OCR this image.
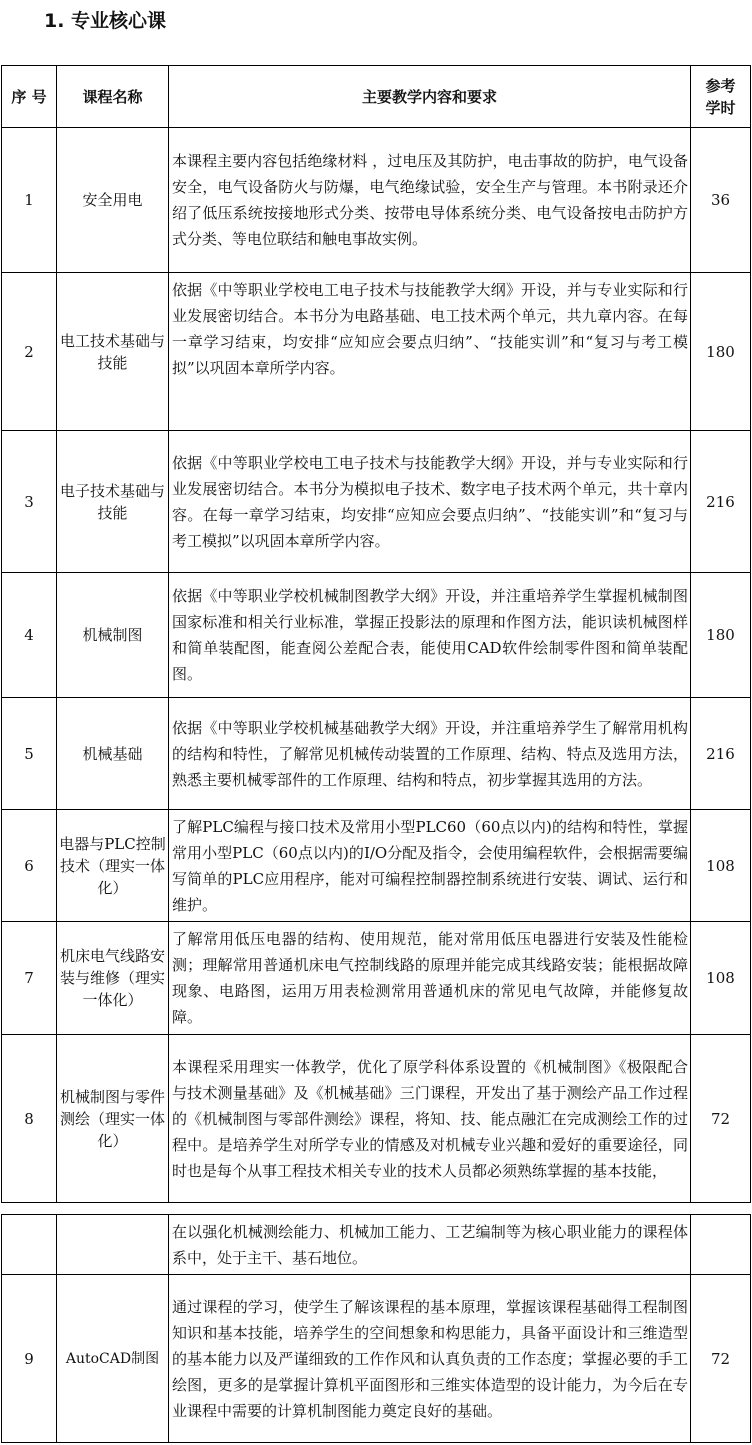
1. 专业核心课
序 号	课程名称	主要教学内容和要求	参考学时
1	安全用电	本课程主要内容包括绝缘材料 ，过电压及其防护，电击事故的防护，电气设备安全，电气设备防火与防爆，电气绝缘试验，安全生产与管理。本书附录还介绍了低压系统按接地形式分类、按带电导体系统分类、电气设备按电击防护方式分类、等电位联结和触电事故实例。	36
2	电工技术基础与技能	依据《中等职业学校电工电子技术与技能教学大纲》开设，并与专业实际和行业发展密切结合。本书分为电路基础、电工技术两个单元，共九章内容。在每一章学习结束，均安排“应知应会要点归纳”、“技能实训”和“复习与考工模拟”以巩固本章所学内容。	180
3	电子技术基础与技能	依据《中等职业学校电工电子技术与技能教学大纲》开设，并与专业实际和行业发展密切结合。本书分为模拟电子技术、数字电子技术两个单元，共十章内容。在每一章学习结束，均安排“应知应会要点归纳”、“技能实训”和“复习与考工模拟”以巩固本章所学内容。	216
4	机械制图	依据《中等职业学校机械制图教学大纲》开设，并注重培养学生掌握机械制图国家标准和相关行业标准，掌握正投影法的原理和作图方法，能识读机械图样和简单装配图，能查阅公差配合表，能使用CAD软件绘制零件图和简单装配图。	180
5	机械基础	依据《中等职业学校机械基础教学大纲》开设，并注重培养学生了解常用机构的结构和特性，了解常见机械传动装置的工作原理、结构、特点及选用方法，熟悉主要机械零部件的工作原理、结构和特点，初步掌握其选用的方法。	216
6	电器与PLC控制技术（理实一体化）	了解PLC编程与接口技术及常用小型PLC60（60点以内)的结构和特性，掌握常用小型PLC（60点以内)的I/O分配及指令，会使用编程软件，会根据需要编写简单的PLC应用程序，能对可编程控制器控制系统进行安装、调试、运行和维护。	108
7	机床电气线路安装与维修（理实一体化）	了解常用低压电器的结构、使用规范，能对常用低压电器进行安装及性能检测；理解常用普通机床电气控制线路的原理并能完成其线路安装；能根据故障现象、电路图，运用万用表检测常用普通机床的常见电气故障，并能修复故障。	108
8	机械制图与零件测绘（理实一体化）	本课程采用理实一体教学，优化了原学科体系设置的《机械制图》《极限配合与技术测量基础》及《机械基础》三门课程，开发出了基于测绘产品工作过程的《机械制图与零部件测绘》课程，将知、技、能点融汇在完成测绘工作的过程中。是培养学生对所学专业的情感及对机械专业兴趣和爱好的重要途径，同时也是每个从事工程技术相关专业的技术人员都必须熟练掌握的基本技能，	72
		在以强化机械测绘能力、机械加工能力、工艺编制等为核心职业能力的课程体系中，处于主干、基石地位。	
9	AutoCAD制图	通过课程的学习，使学生了解该课程的基本原理，掌握该课程基础得工程制图知识和基本技能，培养学生的空间想象和构思能力，具备平面设计和三维造型的基本能力以及严谨细致的工作作风和认真负责的工作态度；掌握必要的手工绘图，更多的是掌握计算机平面图形和三维实体造型的设计能力，为今后在专业课程中需要的计算机制图能力奠定良好的基础。	72
